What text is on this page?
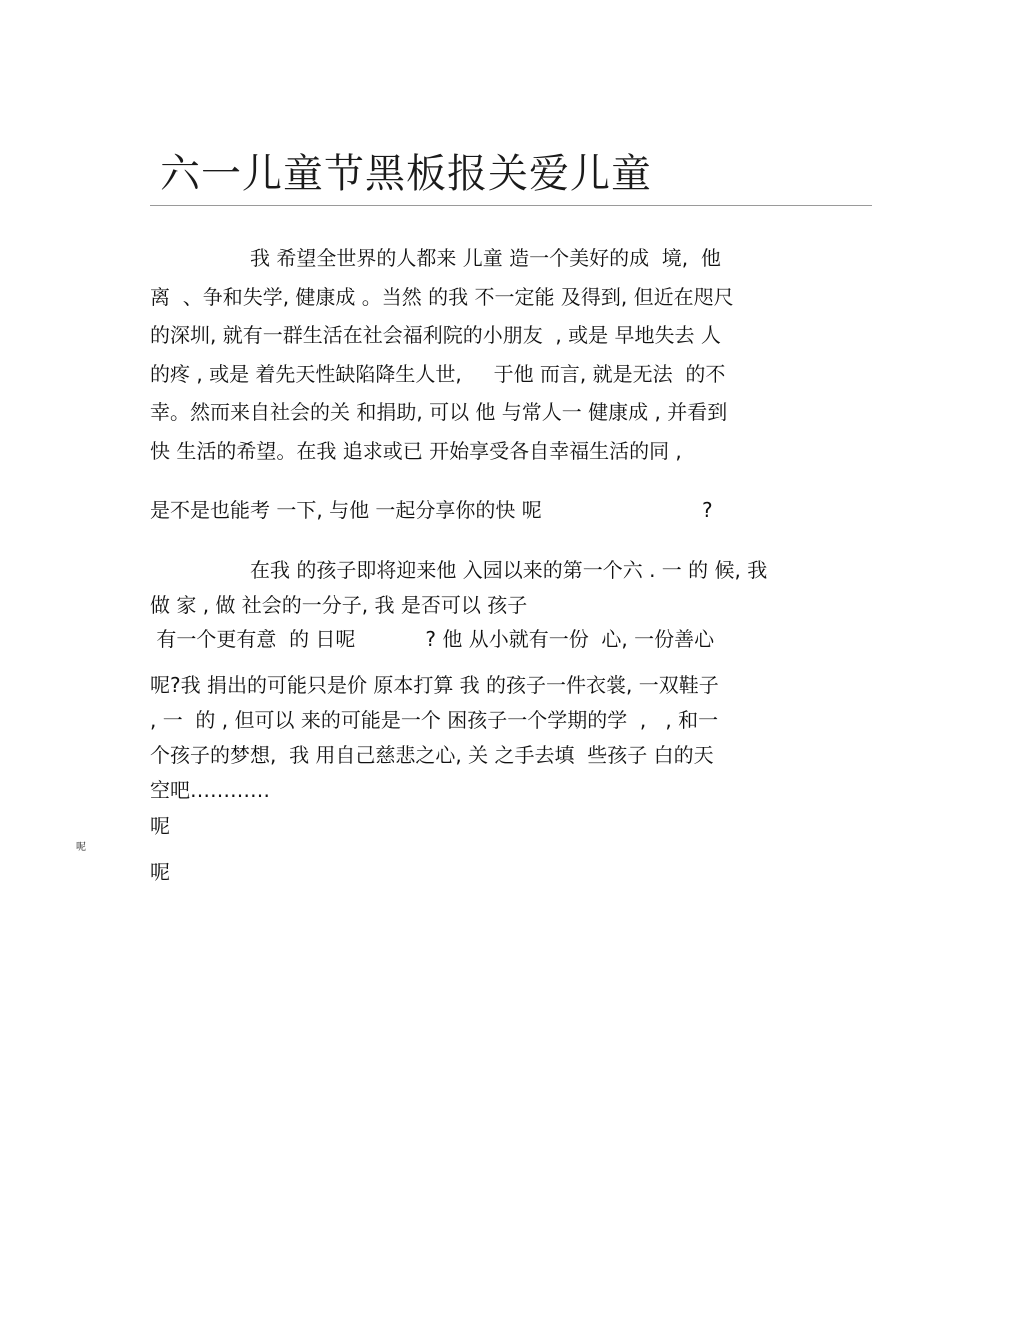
六一儿童节黑板报关爱儿童
我 希望全世界的人都来 儿童 造一个美好的成  境,  他
离  、争和失学, 健康成 。当然 的我 不一定能 及得到, 但近在咫尺
的深圳, 就有一群生活在社会福利院的小朋友  , 或是 早地失去 人
的疼 , 或是 着先天性缺陷降生人世,     于他 而言, 就是无法  的不
幸。然而来自社会的关 和捐助, 可以 他 与常人一 健康成 , 并看到
快 生活的希望。在我 追求或已 开始享受各自幸福生活的同 ,
是不是也能考 一下, 与他 一起分享你的快 呢	?
在我 的孩子即将迎来他 入园以来的第一个六 . 一 的 候, 我
做 家 , 做 社会的一分子, 我 是否可以 孩子
有一个更有意  的 日呢           ? 他 从小就有一份  心, 一份善心
呢?我 捐出的可能只是价 原本打算 我 的孩子一件衣裳, 一双鞋子
, 一  的 , 但可以 来的可能是一个 困孩子一个学期的学  ,   , 和一
个孩子的梦想,  我 用自己慈悲之心, 关 之手去填  些孩子 白的天
空吧…………
呢
呢
呢
